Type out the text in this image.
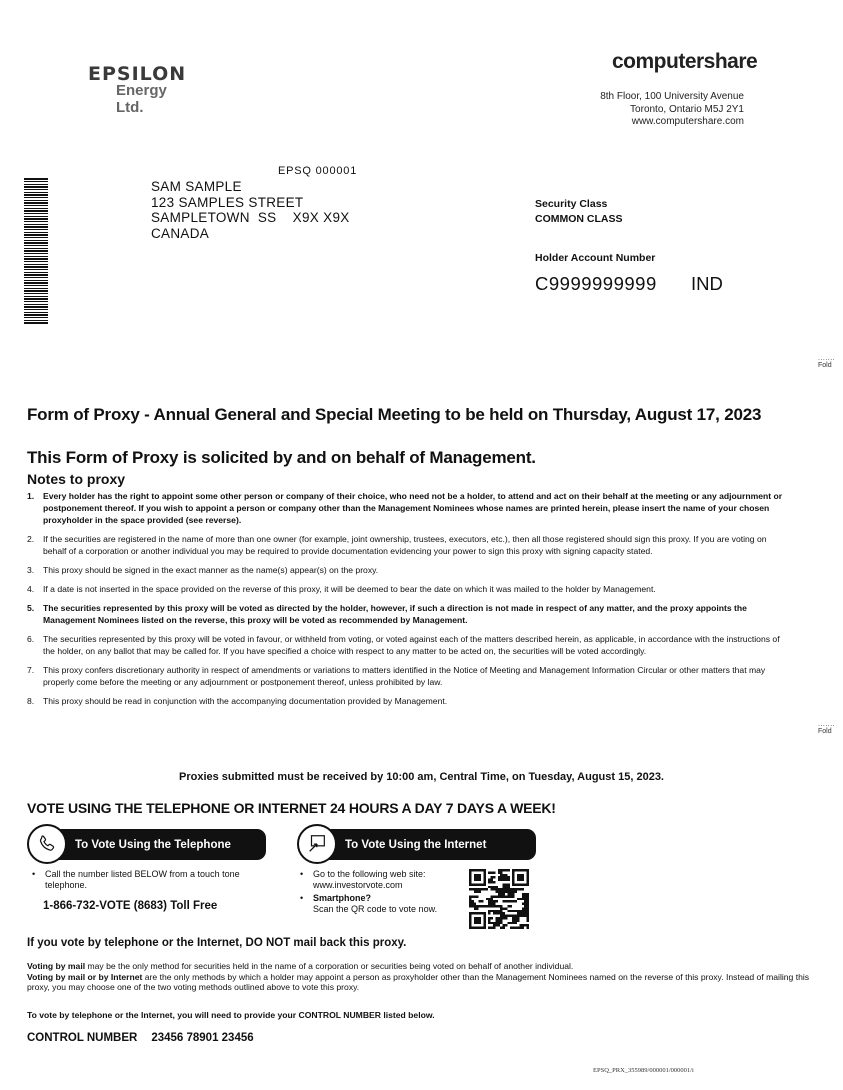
EPSILON
Energy Ltd.
computershare
8th Floor, 100 University Avenue
Toronto, Ontario M5J 2Y1
www.computershare.com
EPSQ 000001
SAM SAMPLE
123 SAMPLES STREET
SAMPLETOWN  SS    X9X X9X
CANADA
Security Class
COMMON CLASS
Holder Account Number
C9999999999 IND
.......
Fold
.......
Fold
Form of Proxy - Annual General and Special Meeting to be held on Thursday, August 17, 2023
This Form of Proxy is solicited by and on behalf of Management.
Notes to proxy
1.	Every holder has the right to appoint some other person or company of their choice, who need not be a holder, to attend and act on their behalf at the meeting or any adjournment or postponement thereof. If you wish to appoint a person or company other than the Management Nominees whose names are printed herein, please insert the name of your chosen proxyholder in the space provided (see reverse).
2.	If the securities are registered in the name of more than one owner (for example, joint ownership, trustees, executors, etc.), then all those registered should sign this proxy. If you are voting on behalf of a corporation or another individual you may be required to provide documentation evidencing your power to sign this proxy with signing capacity stated.
3.	This proxy should be signed in the exact manner as the name(s) appear(s) on the proxy.
4.	If a date is not inserted in the space provided on the reverse of this proxy, it will be deemed to bear the date on which it was mailed to the holder by Management.
5.	The securities represented by this proxy will be voted as directed by the holder, however, if such a direction is not made in respect of any matter, and the proxy appoints the Management Nominees listed on the reverse, this proxy will be voted as recommended by Management.
6.	The securities represented by this proxy will be voted in favour, or withheld from voting, or voted against each of the matters described herein, as applicable, in accordance with the instructions of the holder, on any ballot that may be called for. If you have specified a choice with respect to any matter to be acted on, the securities will be voted accordingly.
7.	This proxy confers discretionary authority in respect of amendments or variations to matters identified in the Notice of Meeting and Management Information Circular or other matters that may properly come before the meeting or any adjournment or postponement thereof, unless prohibited by law.
8.	This proxy should be read in conjunction with the accompanying documentation provided by Management.
Proxies submitted must be received by 10:00 am, Central Time, on Tuesday, August 15, 2023.
VOTE USING THE TELEPHONE OR INTERNET 24 HOURS A DAY 7 DAYS A WEEK!
To Vote Using the Telephone
•	Call the number listed BELOW from a touch tone telephone.
1-866-732-VOTE (8683) Toll Free
To Vote Using the Internet
•	Go to the following web site:
www.investorvote.com
•	Smartphone?
Scan the QR code to vote now.
If you vote by telephone or the Internet, DO NOT mail back this proxy.
Voting by mail may be the only method for securities held in the name of a corporation or securities being voted on behalf of another individual.
Voting by mail or by Internet are the only methods by which a holder may appoint a person as proxyholder other than the Management Nominees named on the reverse of this proxy. Instead of mailing this proxy, you may choose one of the two voting methods outlined above to vote this proxy.
To vote by telephone or the Internet, you will need to provide your CONTROL NUMBER listed below.
CONTROL NUMBER 23456 78901 23456
EPSQ_PRX_355989/000001/000001/i
